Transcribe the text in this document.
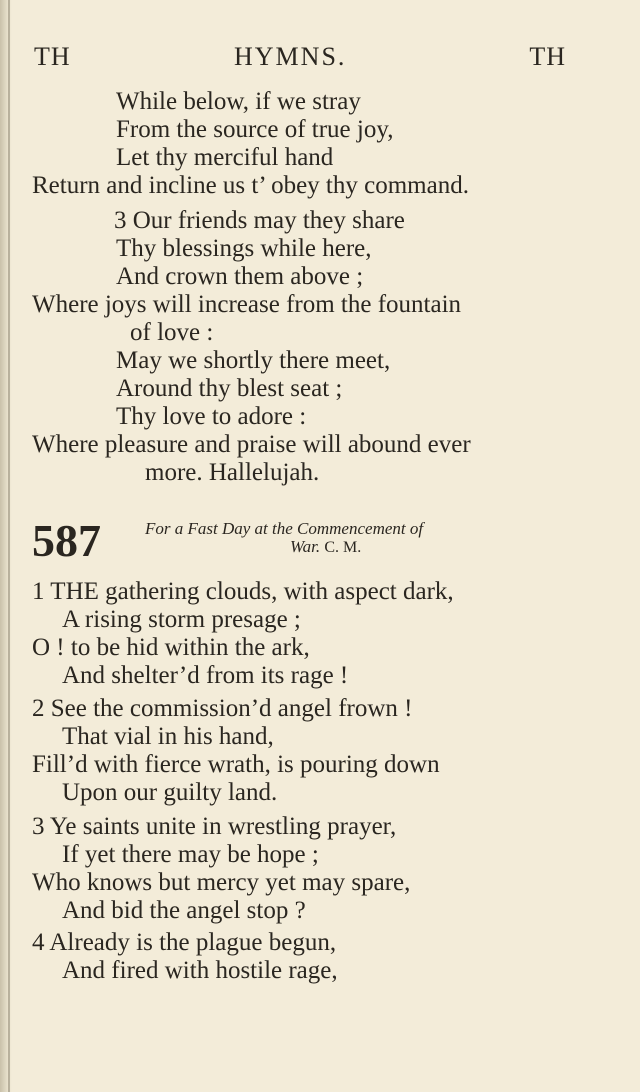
TH	HYMNS.	TH
While below, if we stray
From the source of true joy,
Let thy merciful hand
Return and incline us t’ obey thy command.
3 Our friends may they share
Thy blessings while here,
And crown them above ;
Where joys will increase from the fountain
of love :
May we shortly there meet,
Around thy blest seat ;
Thy love to adore :
Where pleasure and praise will abound ever
more. Hallelujah.
587	For a Fast Day at the Commencement of
War. C. M.
1 THE gathering clouds, with aspect dark,
A rising storm presage ;
O ! to be hid within the ark,
And shelter’d from its rage !
2 See the commission’d angel frown !
That vial in his hand,
Fill’d with fierce wrath, is pouring down
Upon our guilty land.
3 Ye saints unite in wrestling prayer,
If yet there may be hope ;
Who knows but mercy yet may spare,
And bid the angel stop ?
4 Already is the plague begun,
And fired with hostile rage,
